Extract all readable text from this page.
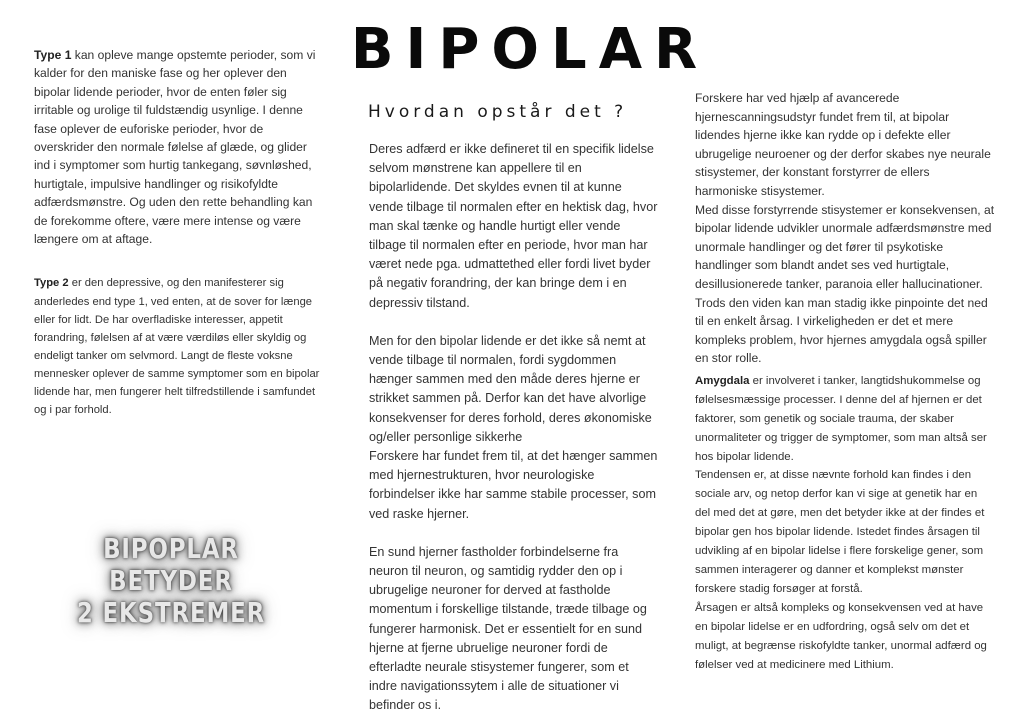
BIPOLAR
Hvordan opstår det ?

Type 1 kan opleve mange opstemte perioder, som vi kalder for den maniske fase og her oplever den bipolar lidende perioder, hvor de enten føler sig irritable og urolige til fuldstændig usynlige. I denne fase oplever de euforiske perioder, hvor de overskrider den normale følelse af glæde, og glider ind i symptomer som hurtig tankegang, søvnløshed, hurtigtale, impulsive handlinger og risikofyldte adfærdsmønstre. Og uden den rette behandling kan de forekomme oftere, være mere intense og være længere om at aftage.

Type 2 er den depressive, og den manifesterer sig anderledes end type 1, ved enten, at de sover for længe eller for lidt. De har overfladiske interesser, appetit forandring, følelsen af at være værdiløs eller skyldig og endeligt tanker om selvmord. Langt de fleste voksne mennesker oplever de samme symptomer som en bipolar lidende har, men fungerer helt tilfredstillende i samfundet og i par forhold.

BIPOPLAR BETYDER
2 EKSTREMER

Deres adfærd er ikke defineret til en specifik lidelse selvom mønstrene kan appellere til en bipolarlidende. Det skyldes evnen til at kunne vende tilbage til normalen efter en hektisk dag, hvor man skal tænke og handle hurtigt eller vende tilbage til normalen efter en periode, hvor man har været nede pga. udmattethed eller fordi livet byder på negativ forandring, der kan bringe dem i en depressiv tilstand.

Men for den bipolar lidende er det ikke så nemt at vende tilbage til normalen, fordi sygdommen hænger sammen med den måde deres hjerne er strikket sammen på. Derfor kan det have alvorlige konsekvenser for deres forhold, deres økonomiske og/eller personlige sikkerhe

Forskere har fundet frem til, at det hænger sammen med hjernestrukturen, hvor neurologiske forbindelser ikke har samme stabile processer, som ved raske hjerner.

En sund hjerner fastholder forbindelserne fra neuron til neuron, og samtidig rydder den op i ubrugelige neuroner for derved at fastholde momentum i forskellige tilstande, træde tilbage og fungerer harmonisk. Det er essentielt for en sund hjerne at fjerne ubruelige neuroner fordi de efterladte neurale stisystemer fungerer, som et indre navigationssytem i alle de situationer vi befinder os i.

Forskere har ved hjælp af avancerede hjernescanningsudstyr fundet frem til, at bipolar lidendes hjerne ikke kan rydde op i defekte eller ubrugelige neuroener og der derfor skabes nye neurale stisystemer, der konstant forstyrrer de ellers harmoniske stisystemer.

Med disse forstyrrende stisystemer er konsekvensen, at bipolar lidende udvikler unormale adfærdsmønstre med unormale handlinger og det fører til psykotiske handlinger som blandt andet ses ved hurtigtale, desillusionerede tanker, paranoia eller hallucinationer.

Trods den viden kan man stadig ikke pinpointe det ned til en enkelt årsag. I virkeligheden er det et mere kompleks problem, hvor hjernes amygdala også spiller en stor rolle.

Amygdala er involveret i tanker, langtidshukommelse og følelsesmæssige processer. I denne del af hjernen er det faktorer, som genetik og sociale trauma, der skaber unormaliteter og trigger de symptomer, som man altså ser hos bipolar lidende.

Tendensen er, at disse nævnte forhold kan findes i den sociale arv, og netop derfor kan vi sige at genetik har en del med det at gøre, men det betyder ikke at der findes et bipolar gen hos bipolar lidende. Istedet findes årsagen til udvikling af en bipolar lidelse i flere forskelige gener, som sammen interagerer og danner et komplekst mønster forskere stadig forsøger at forstå.

Årsagen er altså kompleks og konsekvensen ved at have en bipolar lidelse er en udfordring, også selv om det et muligt, at begrænse riskofyldte tanker, unormal adfærd og følelser ved at medicinere med Lithium.
